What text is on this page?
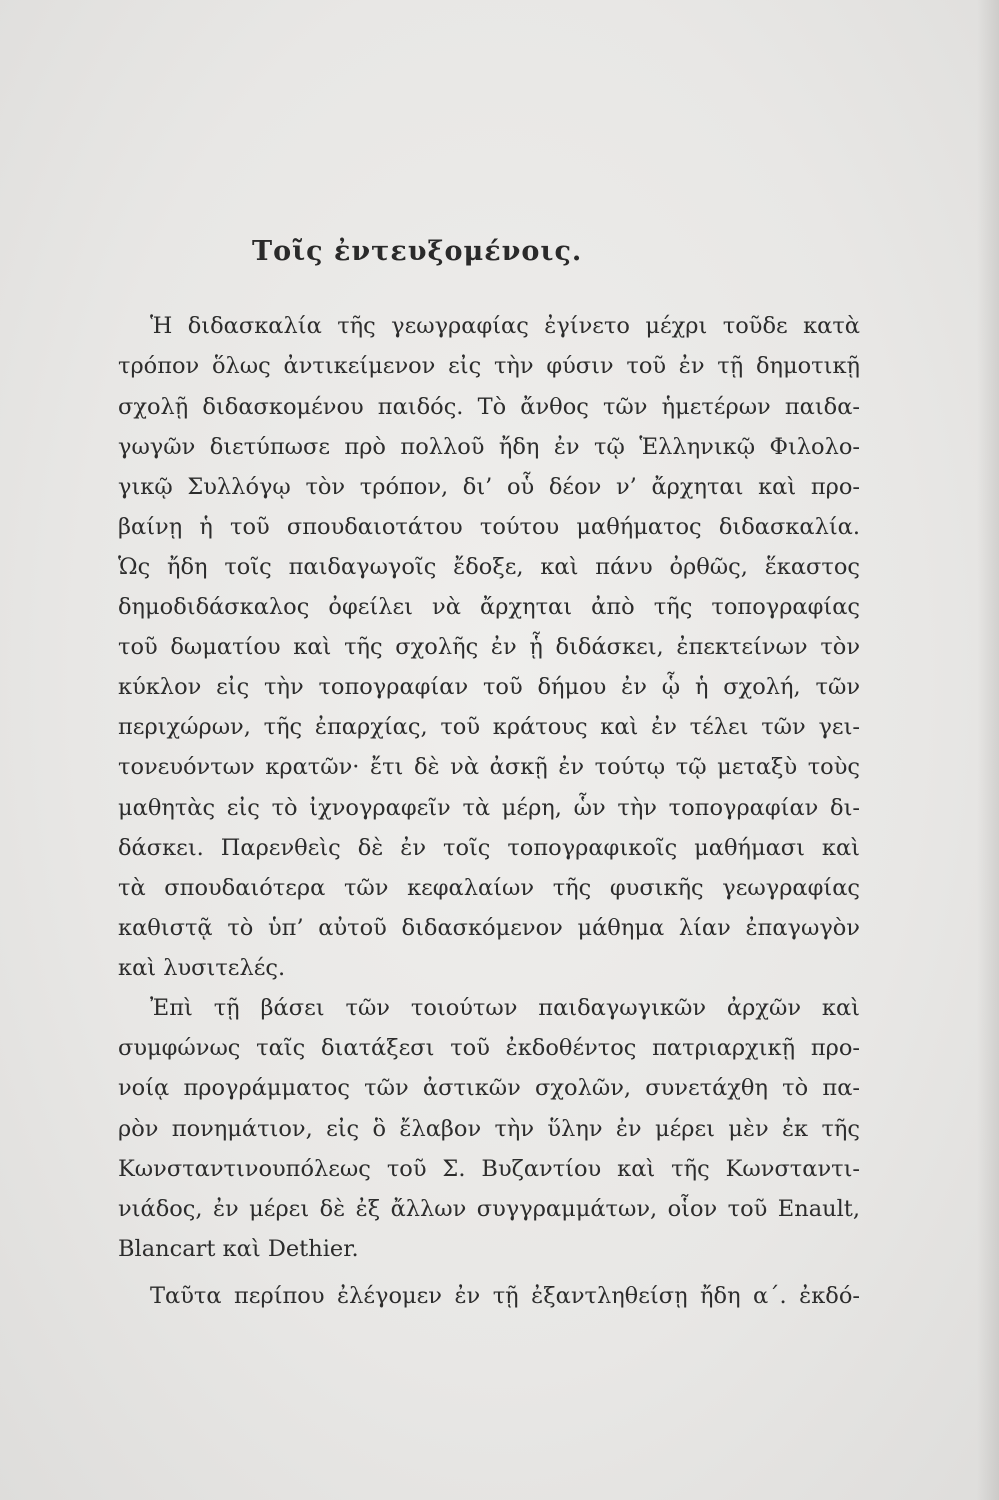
Τοῖς ἐντευξομένοις.
Ἡ διδασκαλία τῆς γεωγραφίας ἐγίνετο μέχρι τοῦδε κατὰ
τρόπον ὅλως ἀντικείμενον εἰς τὴν φύσιν τοῦ ἐν τῇ δημοτικῇ
σχολῇ διδασκομένου παιδός. Τὸ ἄνθος τῶν ἡμετέρων παιδα-
γωγῶν διετύπωσε πρὸ πολλοῦ ἤδη ἐν τῷ Ἑλληνικῷ Φιλολο-
γικῷ Συλλόγῳ τὸν τρόπον, δι’ οὗ δέον ν’ ἄρχηται καὶ προ-
βαίνῃ ἡ τοῦ σπουδαιοτάτου τούτου μαθήματος διδασκαλία.
Ὡς ἤδη τοῖς παιδαγωγοῖς ἔδοξε, καὶ πάνυ ὀρθῶς, ἕκαστος
δημοδιδάσκαλος ὀφείλει νὰ ἄρχηται ἀπὸ τῆς τοπογραφίας
τοῦ δωματίου καὶ τῆς σχολῆς ἐν ᾗ διδάσκει, ἐπεκτείνων τὸν
κύκλον εἰς τὴν τοπογραφίαν τοῦ δήμου ἐν ᾧ ἡ σχολή, τῶν
περιχώρων, τῆς ἐπαρχίας, τοῦ κράτους καὶ ἐν τέλει τῶν γει-
τονευόντων κρατῶν· ἔτι δὲ νὰ ἀσκῇ ἐν τούτῳ τῷ μεταξὺ τοὺς
μαθητὰς εἰς τὸ ἰχνογραφεῖν τὰ μέρη, ὧν τὴν τοπογραφίαν δι-
δάσκει. Παρενθεὶς δὲ ἐν τοῖς τοπογραφικοῖς μαθήμασι καὶ
τὰ σπουδαιότερα τῶν κεφαλαίων τῆς φυσικῆς γεωγραφίας
καθιστᾷ τὸ ὑπ’ αὐτοῦ διδασκόμενον μάθημα λίαν ἐπαγωγὸν
καὶ λυσιτελές.
Ἐπὶ τῇ βάσει τῶν τοιούτων παιδαγωγικῶν ἀρχῶν καὶ
συμφώνως ταῖς διατάξεσι τοῦ ἐκδοθέντος πατριαρχικῇ προ-
νοίᾳ προγράμματος τῶν ἀστικῶν σχολῶν, συνετάχθη τὸ πα-
ρὸν πονημάτιον, εἰς ὃ ἔλαβον τὴν ὕλην ἐν μέρει μὲν ἐκ τῆς
Κωνσταντινουπόλεως τοῦ Σ. Βυζαντίου καὶ τῆς Κωνσταντι-
νιάδος, ἐν μέρει δὲ ἐξ ἄλλων συγγραμμάτων, οἷον τοῦ Enault,
Blancart καὶ Dethier.
Ταῦτα περίπου ἐλέγομεν ἐν τῇ ἐξαντληθείσῃ ἤδη α΄. ἐκδό-
